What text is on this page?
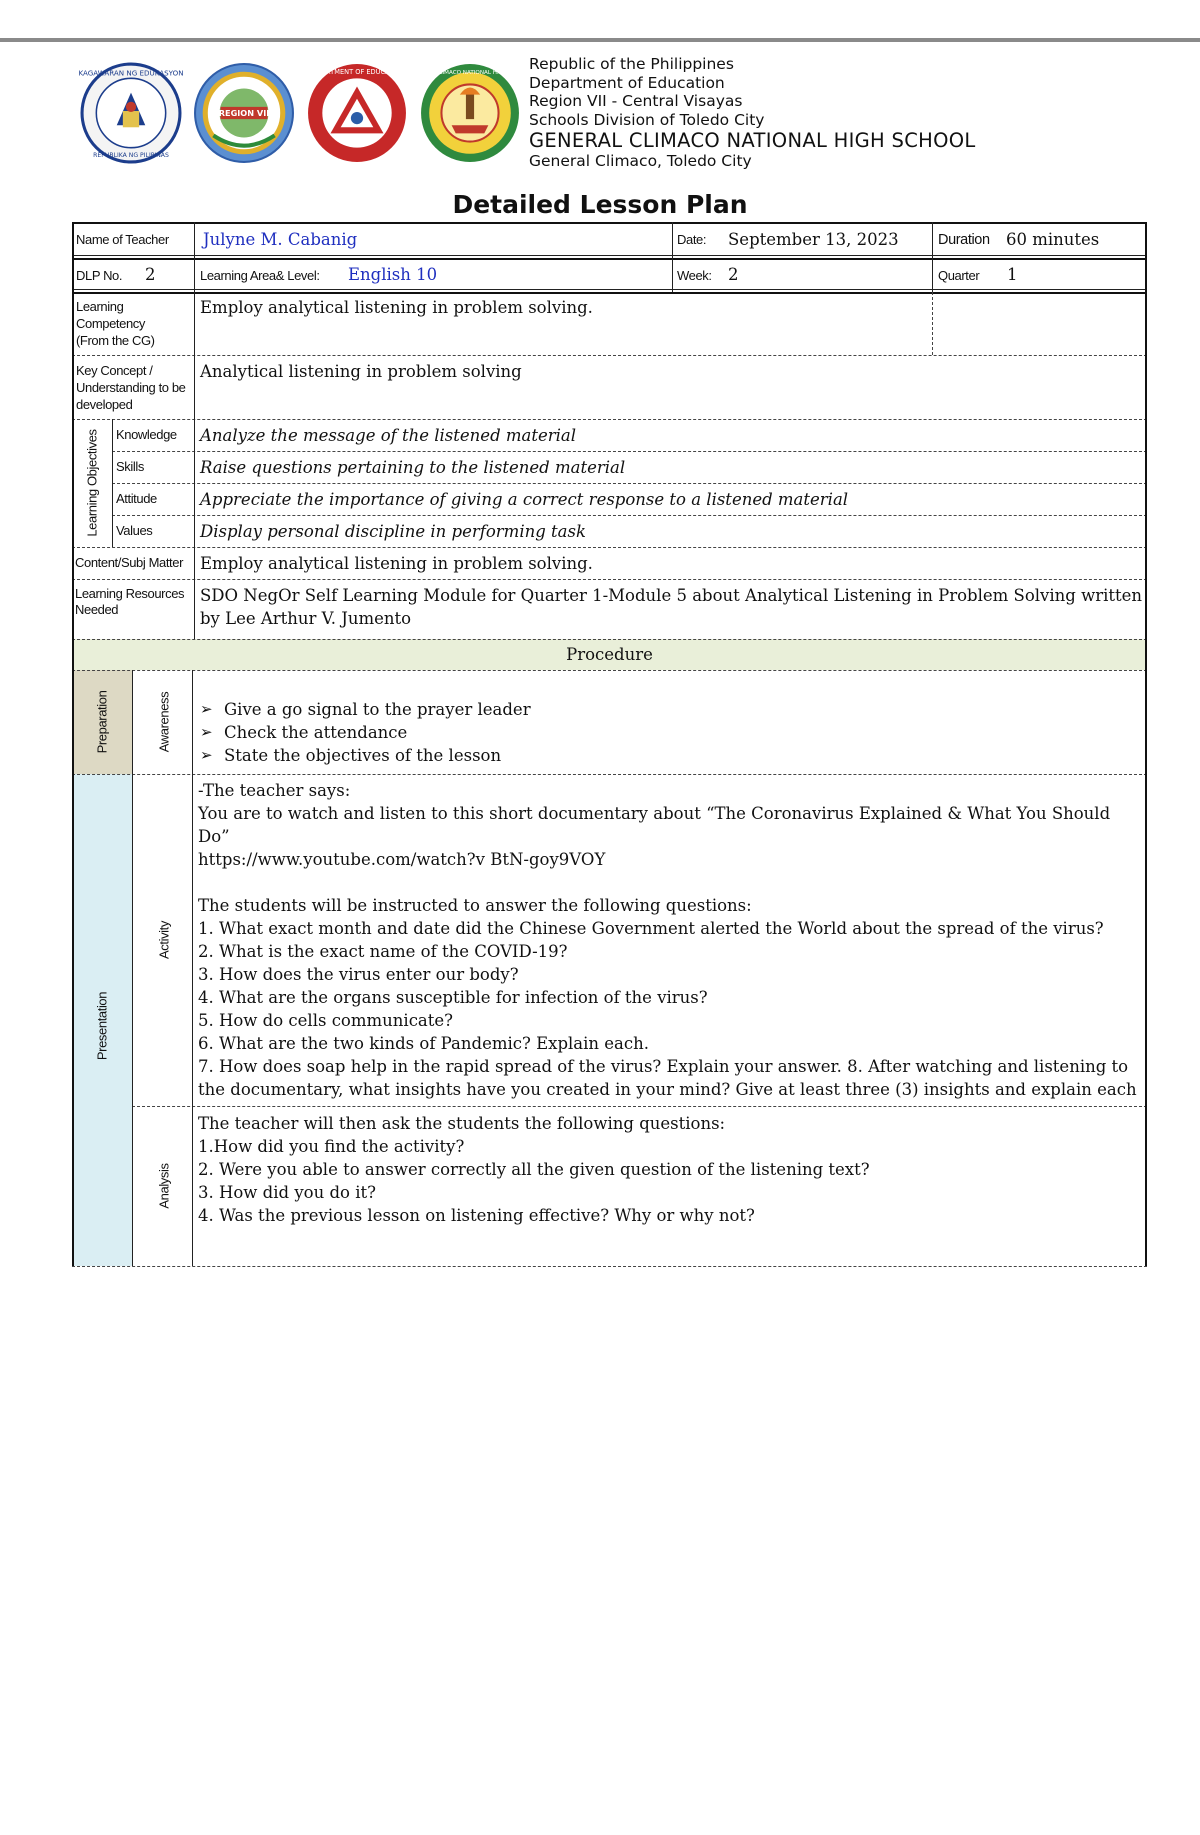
KAGAWARAN NG EDUKASYON
REPUBLIKA NG PILIPINAS
REGION VII
DEPARTMENT OF EDUCATION GENERAL CLIMACO NATIONAL HIGH SCHOOL
Republic of the Philippines
Department of Education
Region VII - Central Visayas
Schools Division of Toledo City
GENERAL CLIMACO NATIONAL HIGH SCHOOL
General Climaco, Toledo City
Detailed Lesson Plan
Name of Teacher Julyne M. Cabanig	Date: September 13, 2023	Duration 60 minutes
DLP No. 2	Learning Area& Level: English 10	Week: 2	Quarter 1
Learning
Competency
(From the CG)
Employ analytical listening in problem solving.
Key Concept /
Understanding to be
developed
Analytical listening in problem solving
Learning Objectives Knowledge Analyze the message of the listened material
Skills	Raise questions pertaining to the listened material
Attitude	Appreciate the importance of giving a correct response to a listened material
Values	Display personal discipline in performing task
Content/Subj Matter Employ analytical listening in problem solving.
Learning Resources
Needed
SDO NegOr Self Learning Module for Quarter 1-Module 5 about Analytical Listening in Problem Solving written
by Lee Arthur V. Jumento
Procedure
Preparation	Awareness
➢	Give a go signal to the prayer leader
➢ Check the attendance
➢ State the objectives of the lesson
Presentation
Activity
-The teacher says:
You are to watch and listen to this short documentary about “The Coronavirus Explained & What You Should Do”
https://www.youtube.com/watch?v BtN-goy9VOY
The students will be instructed to answer the following questions:
1. What exact month and date did the Chinese Government alerted the World about the spread of the virus?
2. What is the exact name of the COVID-19?
3. How does the virus enter our body?
4. What are the organs susceptible for infection of the virus?
5. How do cells communicate?
6. What are the two kinds of Pandemic? Explain each.
7. How does soap help in the rapid spread of the virus? Explain your answer. 8. After watching and listening to
the documentary, what insights have you created in your mind? Give at least three (3) insights and explain each
Analysis
The teacher will then ask the students the following questions:
1.How did you find the activity?
2. Were you able to answer correctly all the given question of the listening text?
3. How did you do it?
4. Was the previous lesson on listening effective? Why or why not?
